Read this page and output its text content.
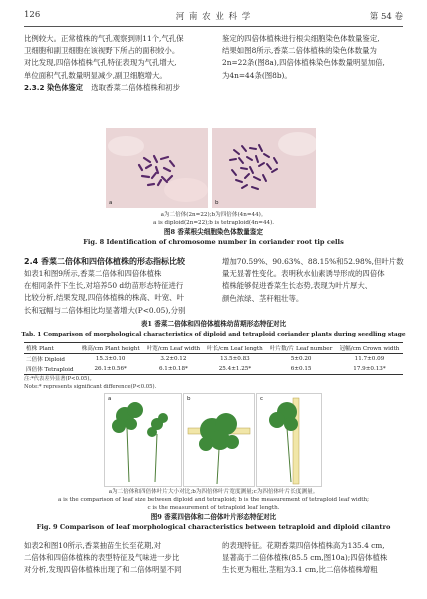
126	河 南 农 业 科 学	第 54 卷
比例较大。正常植株的气孔观察到则11个,气孔保
卫细胞和副卫细胞在该视野下所占的面积较小。
对比发现,四倍体植株气孔特征表现为气孔增大,
单位面积气孔数量明显减少,副卫细胞增大。
2.3.2 染色体鉴定 选取香菜二倍体植株和初步
鉴定的四倍体植株进行根尖细胞染色体数量鉴定,
结果如图8所示,香菜二倍体植株的染色体数量为
2n=22条(图8a),四倍体植株染色体数量明显加倍,
为4n=44条(图8b)。
a	b
a为二倍体(2n=22);b为四倍体(4n=44)。
a is diploid(2n=22);b is tetraploid(4n=44).
图8 香菜根尖细胞染色体数量鉴定
Fig. 8 Identification of chromosome number in coriander root tip cells
2.4 香菜二倍体和四倍体植株的形态指标比较
如表1和图9所示,香菜二倍体和四倍体植株
在相同条件下生长,对培养50 d幼苗形态特征进行
比较分析,结果发现,四倍体植株的株高、叶宽、叶
长和冠幅与二倍体相比均显著增大(P<0.05),分别
增加70.59%、90.63%、88.15%和52.98%,但叶片数
量无显著性变化。表明秋水仙素诱导形成的四倍体
植株能够促进香菜生长态势,表现为叶片厚大、
颜色浓绿、茎秆粗壮等。
表1 香菜二倍体和四倍体植株幼苗期形态特征对比
Tab. 1 Comparison of morphological characteristics of diploid and tetraploid coriander plants during seedling stage
植株 Plant	株高/cm Plant height	叶宽/cm Leaf width	叶长/cm Leaf length	叶片数/片 Leaf number	冠幅/cm Crown width
二倍体 Diploid	15.3±0.10	3.2±0.12	13.5±0.83	5±0.20	11.7±0.09
四倍体 Tetraploid	26.1±0.56*	6.1±0.18*	25.4±1.25*	6±0.15	17.9±0.13*
注:*代表差异显著(P<0.05)。
Note:* represents significant difference(P<0.05).
a	b	c
a为二倍体和四倍体叶片大小对比;b为四倍体叶片宽度测量;c为四倍体叶片长度测量。
a is the comparison of leaf size between diploid and tetraploid; b is the measurement of tetraploid leaf width;
c is the measurement of tetraploid leaf length.
图9 香菜四倍体和二倍体叶片形态特征对比
Fig. 9 Comparison of leaf morphological characteristics between tetraploid and diploid cilantro
如表2和图10所示,香菜抽苗生长至花期,对
二倍体和四倍体植株的表型特征及气味进一步比
对分析,发现四倍体植株出现了和二倍体明显不同
的表现特征。花期香菜四倍体植株高为135.4 cm,
显著高于二倍体植株(85.5 cm,图10a);四倍体植株
生长更为粗壮,茎粗为3.1 cm,比二倍体植株增粗
